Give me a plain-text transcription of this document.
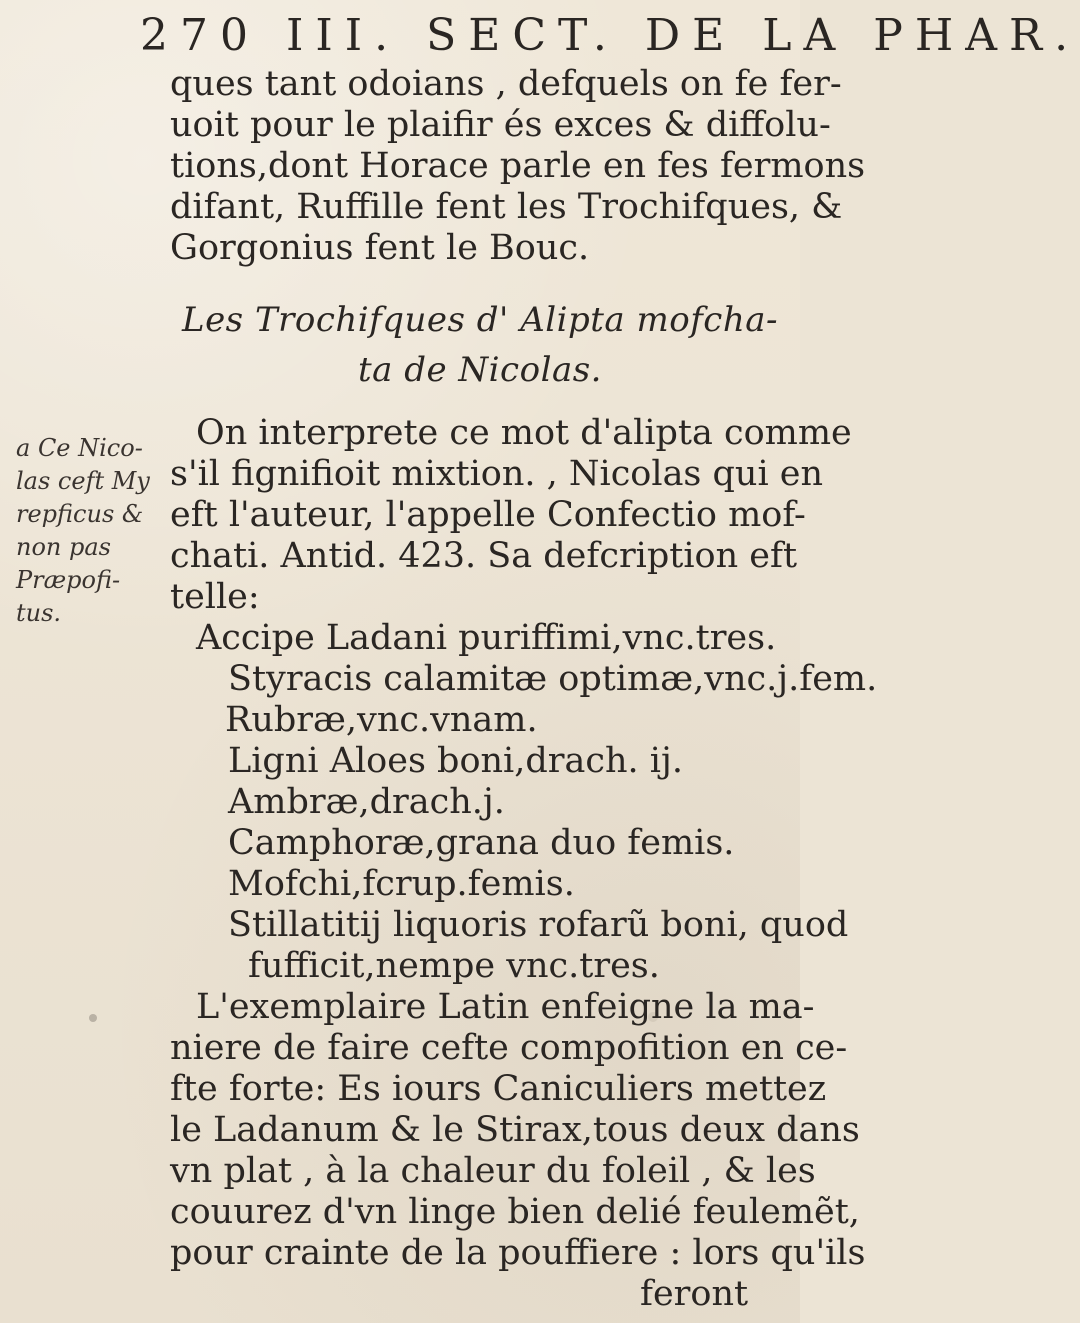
270 III. SECT. DE LA PHAR.
a Ce Nico-
las ceft My
repficus &
non pas
Præpofi-
tus.
ques tant odoians , defquels on fe fer-
uoit pour le plaifir és exces & diffolu-
tions,dont Horace parle en fes fermons
difant, Ruffille fent les Trochifques, &
Gorgonius fent le Bouc.
Les Trochifques d' Alipta mofcha-
ta de Nicolas.
On interprete ce mot d'alipta comme
s'il fignifioit mixtion. , Nicolas qui en
eft l'auteur, l'appelle Confectio mof-
chati. Antid. 423. Sa defcription eft
telle:
Accipe Ladani puriffimi,vnc.tres.
Styracis calamitæ optimæ,vnc.j.fem.
Rubræ,vnc.vnam.
Ligni Aloes boni,drach. ij.
Ambræ,drach.j.
Camphoræ,grana duo femis.
Mofchi,fcrup.femis.
Stillatitij liquoris rofarũ boni, quod
fufficit,nempe vnc.tres.
L'exemplaire Latin enfeigne la ma-
niere de faire cefte compofition en ce-
fte forte: Es iours Caniculiers mettez
le Ladanum & le Stirax,tous deux dans
vn plat , à la chaleur du foleil , & les
couurez d'vn linge bien delié feulemẽt,
pour crainte de la pouffiere : lors qu'ils
feront
